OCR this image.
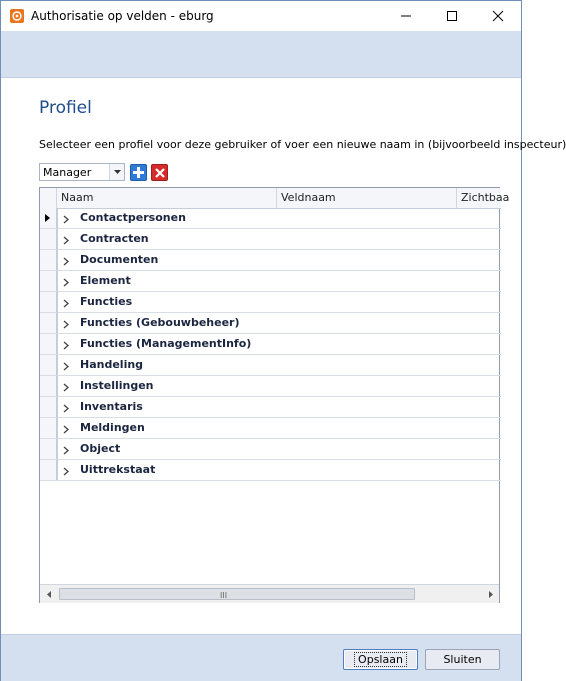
Authorisatie op velden - eburg
Profiel
Selecteer een profiel voor deze gebruiker of voer een nieuwe naam in (bijvoorbeeld inspecteur)
Manager
Naam	Veldnaam	Zichtbaa
Contactpersonen
Contracten
Documenten
Element
Functies
Functies (Gebouwbeheer)
Functies (ManagementInfo)
Handeling
Instellingen
Inventaris
Meldingen
Object
Uittrekstaat
III
Opslaan	Sluiten
